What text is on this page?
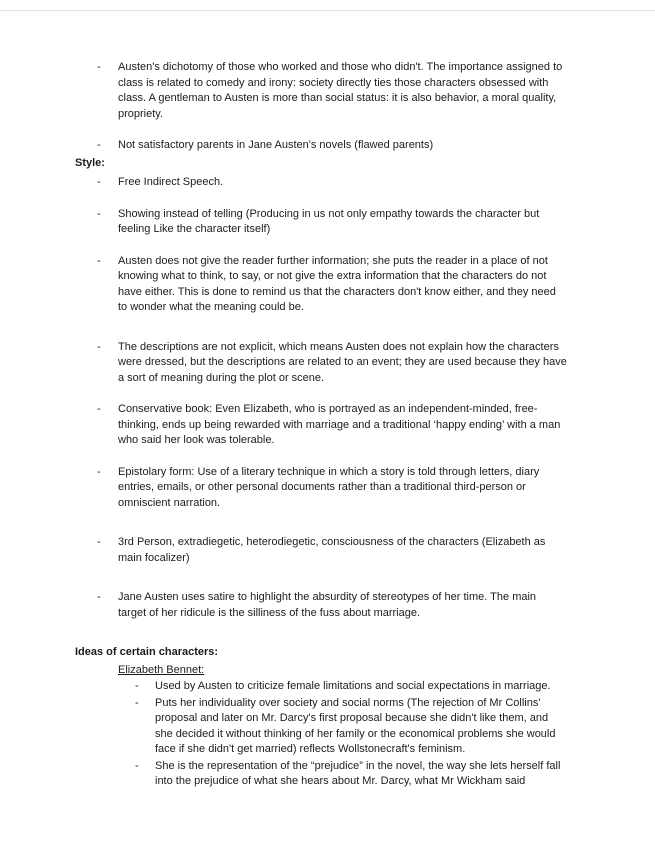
-	Austen's dichotomy of those who worked and those who didn't. The importance assigned to class is related to comedy and irony: society directly ties those characters obsessed with class. A gentleman to Austen is more than social status: it is also behavior, a moral quality, propriety.
-	Not satisfactory parents in Jane Austen's novels (flawed parents)
Style:
-	Free Indirect Speech.
-	Showing instead of telling (Producing in us not only empathy towards the character but feeling Like the character itself)
-	Austen does not give the reader further information; she puts the reader in a place of not knowing what to think, to say, or not give the extra information that the characters do not have either. This is done to remind us that the characters don't know either, and they need to wonder what the meaning could be.
-	The descriptions are not explicit, which means Austen does not explain how the characters were dressed, but the descriptions are related to an event; they are used because they have a sort of meaning during the plot or scene.
-	Conservative book: Even Elizabeth, who is portrayed as an independent-minded, free-thinking, ends up being rewarded with marriage and a traditional ‘happy ending’ with a man who said her look was tolerable.
-	Epistolary form: Use of a literary technique in which a story is told through letters, diary entries, emails, or other personal documents rather than a traditional third-person or omniscient narration.
-	3rd Person, extradiegetic, heterodiegetic, consciousness of the characters (Elizabeth as main focalizer)
-	Jane Austen uses satire to highlight the absurdity of stereotypes of her time. The main target of her ridicule is the silliness of the fuss about marriage.
Ideas of certain characters:
Elizabeth Bennet:
-	Used by Austen to criticize female limitations and social expectations in marriage.
-	Puts her individuality over society and social norms (The rejection of Mr Collins' proposal and later on Mr. Darcy's first proposal because she didn't like them, and she decided it without thinking of her family or the economical problems she would face if she didn't get married) reflects Wollstonecraft's feminism.
-	She is the representation of the “prejudice” in the novel, the way she lets herself fall into the prejudice of what she hears about Mr. Darcy, what Mr Wickham said
